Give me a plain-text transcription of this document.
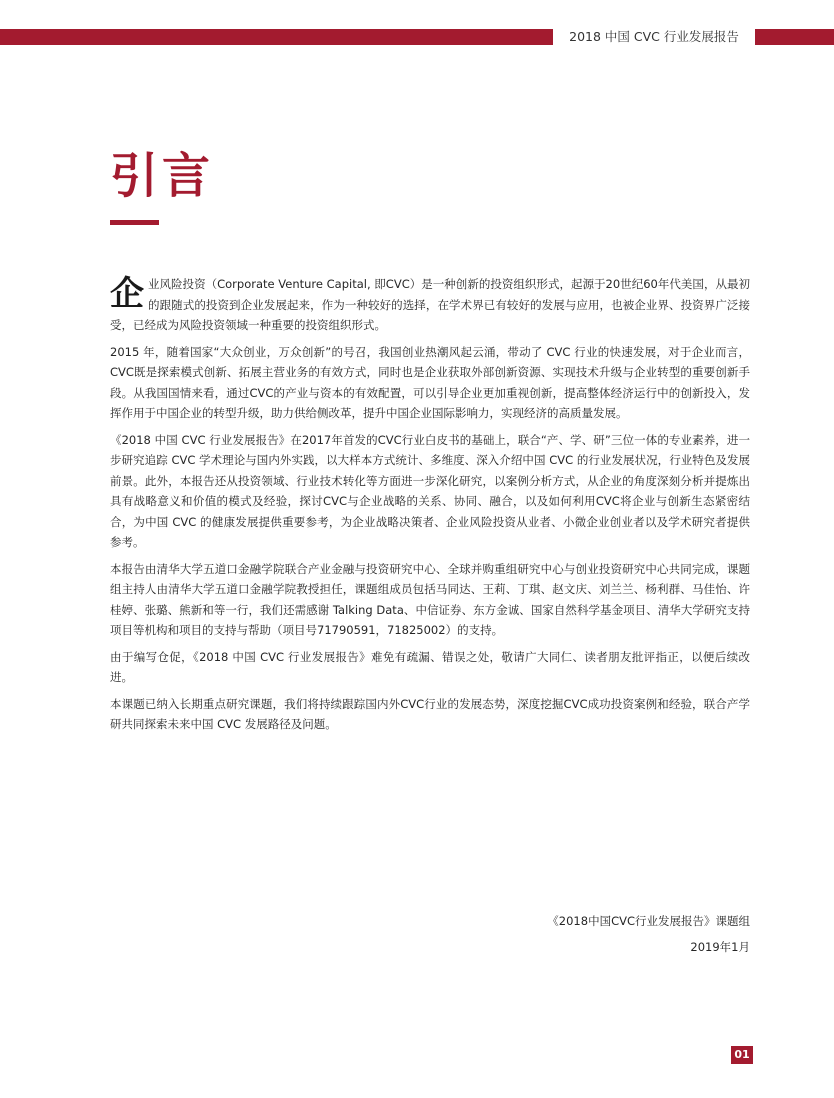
2018 中国 CVC 行业发展报告
引言

企业风险投资（Corporate Venture Capital, 即CVC）是一种创新的投资组织形式，起源于20世纪60年代美国，从最初的跟随式的投资到企业发展起来，作为一种较好的选择，在学术界已有较好的发展与应用，也被企业界、投资界广泛接受，已经成为风险投资领域一种重要的投资组织形式。

2015 年，随着国家“大众创业，万众创新”的号召，我国创业热潮风起云涌，带动了 CVC 行业的快速发展，对于企业而言，CVC既是探索模式创新、拓展主营业务的有效方式，同时也是企业获取外部创新资源、实现技术升级与企业转型的重要创新手段。从我国国情来看，通过CVC的产业与资本的有效配置，可以引导企业更加重视创新，提高整体经济运行中的创新投入，发挥作用于中国企业的转型升级，助力供给侧改革，提升中国企业国际影响力，实现经济的高质量发展。

《2018 中国 CVC 行业发展报告》在2017年首发的CVC行业白皮书的基础上，联合“产、学、研”三位一体的专业素养，进一步研究追踪 CVC 学术理论与国内外实践，以大样本方式统计、多维度、深入介绍中国 CVC 的行业发展状况，行业特色及发展前景。此外，本报告还从投资领域、行业技术转化等方面进一步深化研究，以案例分析方式，从企业的角度深刻分析并提炼出具有战略意义和价值的模式及经验，探讨CVC与企业战略的关系、协同、融合，以及如何利用CVC将企业与创新生态紧密结合，为中国 CVC 的健康发展提供重要参考，为企业战略决策者、企业风险投资从业者、小微企业创业者以及学术研究者提供参考。

本报告由清华大学五道口金融学院联合产业金融与投资研究中心、全球并购重组研究中心与创业投资研究中心共同完成，课题组主持人由清华大学五道口金融学院教授担任，课题组成员包括马同达、王莉、丁琪、赵文庆、刘兰兰、杨利群、马佳怡、许桂婷、张璐、熊新和等一行，我们还需感谢 Talking Data、中信证券、东方金诚、国家自然科学基金项目、清华大学研究支持项目等机构和项目的支持与帮助（项目号71790591，71825002）的支持。

由于编写仓促，《2018 中国 CVC 行业发展报告》难免有疏漏、错误之处，敬请广大同仁、读者朋友批评指正，以便后续改进。

本课题已纳入长期重点研究课题，我们将持续跟踪国内外CVC行业的发展态势，深度挖掘CVC成功投资案例和经验，联合产学研共同探索未来中国 CVC 发展路径及问题。

《2018中国CVC行业发展报告》课题组
2019年1月
01
